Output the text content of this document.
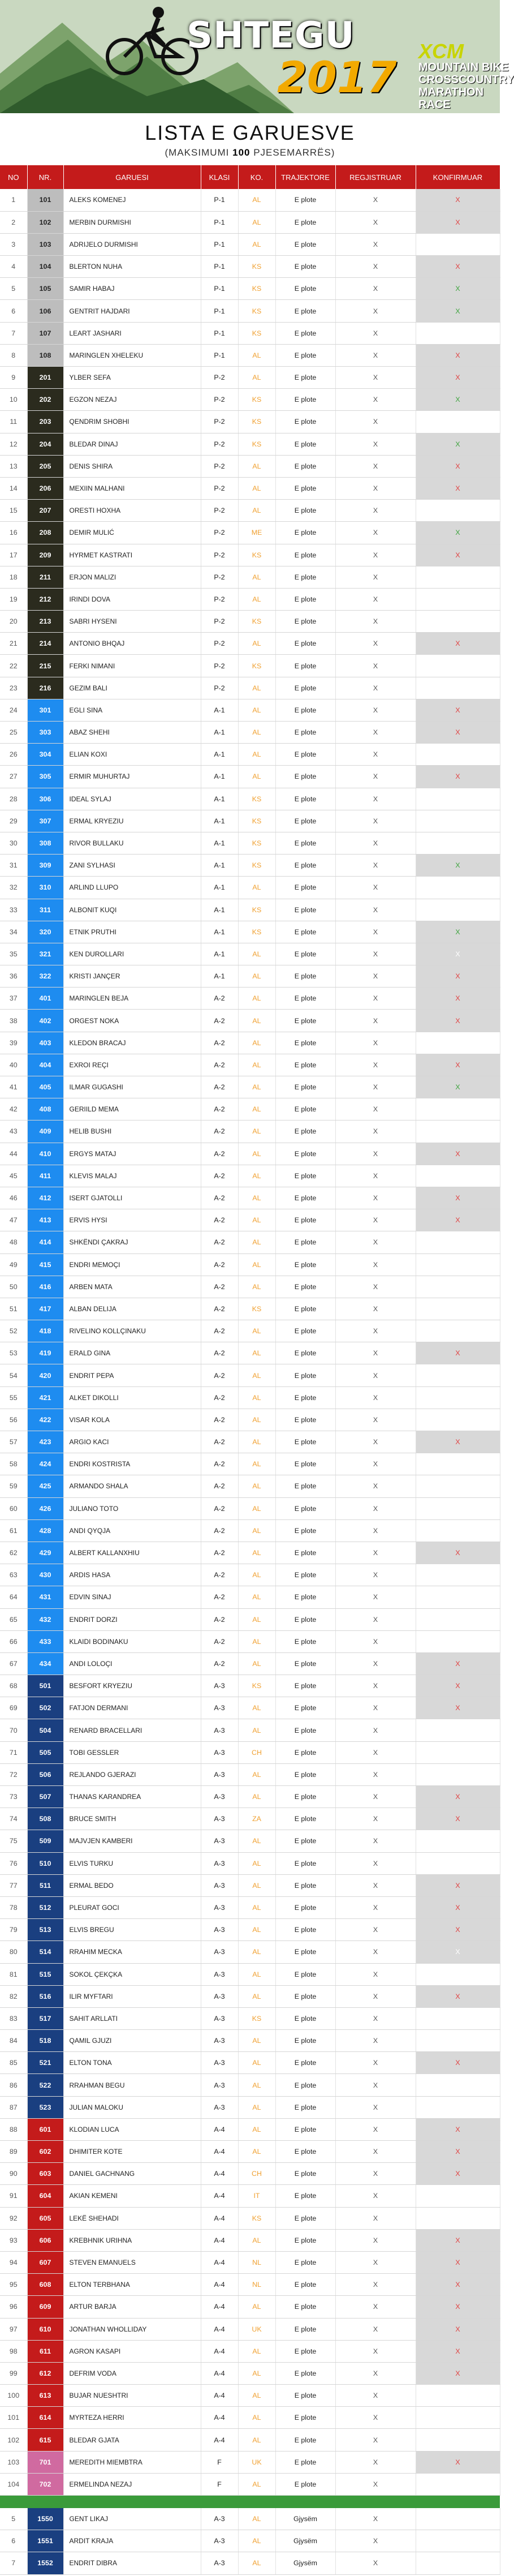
SHTEGU
2017
XCM
MOUNTAIN BIKE
CROSSCOUNTRY
MARATHON
RACE
LISTA E GARUESVE
(MAKSIMUMI 100 PJESEMARRËS)
NO	NR.	GARUESI	KLASI	KO.	TRAJEKTORE	REGJISTRUAR	KONFIRMUAR
1	101	ALEKS KOMENEJ	P-1	AL	E plote	X	X
2	102	MERBIN DURMISHI	P-1	AL	E plote	X	X
3	103	ADRIJELO DURMISHI	P-1	AL	E plote	X	
4	104	BLERTON NUHA	P-1	KS	E plote	X	X
5	105	SAMIR HABAJ	P-1	KS	E plote	X	X
6	106	GENTRIT HAJDARI	P-1	KS	E plote	X	X
7	107	LEART JASHARI	P-1	KS	E plote	X	
8	108	MARINGLEN XHELEKU	P-1	AL	E plote	X	X
9	201	YLBER SEFA	P-2	AL	E plote	X	X
10	202	EGZON NEZAJ	P-2	KS	E plote	X	X
11	203	QENDRIM SHOBHI	P-2	KS	E plote	X	
12	204	BLEDAR DINAJ	P-2	KS	E plote	X	X
13	205	DENIS SHIRA	P-2	AL	E plote	X	X
14	206	MEXIIN MALHANI	P-2	AL	E plote	X	X
15	207	ORESTI HOXHA	P-2	AL	E plote	X	
16	208	DEMIR MULIĆ	P-2	ME	E plote	X	X
17	209	HYRMET KASTRATI	P-2	KS	E plote	X	X
18	211	ERJON MALIZI	P-2	AL	E plote	X	
19	212	IRINDI DOVA	P-2	AL	E plote	X	
20	213	SABRI HYSENI	P-2	KS	E plote	X	
21	214	ANTONIO BHQAJ	P-2	AL	E plote	X	X
22	215	FERKI NIMANI	P-2	KS	E plote	X	
23	216	GEZIM BALI	P-2	AL	E plote	X	
24	301	EGLI SINA	A-1	AL	E plote	X	X
25	303	ABAZ SHEHI	A-1	AL	E plote	X	X
26	304	ELIAN KOXI	A-1	AL	E plote	X	
27	305	ERMIR MUHURTAJ	A-1	AL	E plote	X	X
28	306	IDEAL SYLAJ	A-1	KS	E plote	X	
29	307	ERMAL KRYEZIU	A-1	KS	E plote	X	
30	308	RIVOR BULLAKU	A-1	KS	E plote	X	
31	309	ZANI SYLHASI	A-1	KS	E plote	X	X
32	310	ARLIND LLUPO	A-1	AL	E plote	X	
33	311	ALBONIT KUQI	A-1	KS	E plote	X	
34	320	ETNIK PRUTHI	A-1	KS	E plote	X	X
35	321	KEN DUROLLARI	A-1	AL	E plote	X	X
36	322	KRISTI JANÇER	A-1	AL	E plote	X	X
37	401	MARINGLEN BEJA	A-2	AL	E plote	X	X
38	402	ORGEST NOKA	A-2	AL	E plote	X	X
39	403	KLEDON BRACAJ	A-2	AL	E plote	X	
40	404	EXROI REÇI	A-2	AL	E plote	X	X
41	405	ILMAR GUGASHI	A-2	AL	E plote	X	X
42	408	GERIILD MEMA	A-2	AL	E plote	X	
43	409	HELIB BUSHI	A-2	AL	E plote	X	
44	410	ERGYS MATAJ	A-2	AL	E plote	X	X
45	411	KLEVIS MALAJ	A-2	AL	E plote	X	
46	412	ISERT GJATOLLI	A-2	AL	E plote	X	X
47	413	ERVIS HYSI	A-2	AL	E plote	X	X
48	414	SHKËNDI ÇAKRAJ	A-2	AL	E plote	X	
49	415	ENDRI MEMOÇI	A-2	AL	E plote	X	
50	416	ARBEN MATA	A-2	AL	E plote	X	
51	417	ALBAN DELIJA	A-2	KS	E plote	X	
52	418	RIVELINO KOLLÇINAKU	A-2	AL	E plote	X	
53	419	ERALD GINA	A-2	AL	E plote	X	X
54	420	ENDRIT PEPA	A-2	AL	E plote	X	
55	421	ALKET DIKOLLI	A-2	AL	E plote	X	
56	422	VISAR KOLA	A-2	AL	E plote	X	
57	423	ARGIO KACI	A-2	AL	E plote	X	X
58	424	ENDRI KOSTRISTA	A-2	AL	E plote	X	
59	425	ARMANDO SHALA	A-2	AL	E plote	X	
60	426	JULIANO TOTO	A-2	AL	E plote	X	
61	428	ANDI QYQJA	A-2	AL	E plote	X	
62	429	ALBERT KALLANXHIU	A-2	AL	E plote	X	X
63	430	ARDIS HASA	A-2	AL	E plote	X	
64	431	EDVIN SINAJ	A-2	AL	E plote	X	
65	432	ENDRIT DORZI	A-2	AL	E plote	X	
66	433	KLAIDI BODINAKU	A-2	AL	E plote	X	
67	434	ANDI LOLOÇI	A-2	AL	E plote	X	X
68	501	BESFORT KRYEZIU	A-3	KS	E plote	X	X
69	502	FATJON DERMANI	A-3	AL	E plote	X	X
70	504	RENARD BRACELLARI	A-3	AL	E plote	X	
71	505	TOBI GESSLER	A-3	CH	E plote	X	
72	506	REJLANDO GJERAZI	A-3	AL	E plote	X	
73	507	THANAS KARANDREA	A-3	AL	E plote	X	X
74	508	BRUCE SMITH	A-3	ZA	E plote	X	X
75	509	MAJVJEN KAMBERI	A-3	AL	E plote	X	
76	510	ELVIS TURKU	A-3	AL	E plote	X	
77	511	ERMAL BEDO	A-3	AL	E plote	X	X
78	512	PLEURAT GOCI	A-3	AL	E plote	X	X
79	513	ELVIS BREGU	A-3	AL	E plote	X	X
80	514	RRAHIM MECKA	A-3	AL	E plote	X	X
81	515	SOKOL ÇEKÇKA	A-3	AL	E plote	X	
82	516	ILIR MYFTARI	A-3	AL	E plote	X	X
83	517	SAHIT ARLLATI	A-3	KS	E plote	X	
84	518	QAMIL GJUZI	A-3	AL	E plote	X	
85	521	ELTON TONA	A-3	AL	E plote	X	X
86	522	RRAHMAN BEGU	A-3	AL	E plote	X	
87	523	JULIAN MALOKU	A-3	AL	E plote	X	
88	601	KLODIAN LUCA	A-4	AL	E plote	X	X
89	602	DHIMITER KOTE	A-4	AL	E plote	X	X
90	603	DANIEL GACHNANG	A-4	CH	E plote	X	X
91	604	AKIAN KEMENI	A-4	IT	E plote	X	
92	605	LEKË SHEHADI	A-4	KS	E plote	X	
93	606	KREBHNIK URIHNA	A-4	AL	E plote	X	X
94	607	STEVEN EMANUELS	A-4	NL	E plote	X	X
95	608	ELTON TERBHANA	A-4	NL	E plote	X	X
96	609	ARTUR BARJA	A-4	AL	E plote	X	X
97	610	JONATHAN WHOLLIDAY	A-4	UK	E plote	X	X
98	611	AGRON KASAPI	A-4	AL	E plote	X	X
99	612	DEFRIM VODA	A-4	AL	E plote	X	X
100	613	BUJAR NUESHTRI	A-4	AL	E plote	X	
101	614	MYRTEZA HERRI	A-4	AL	E plote	X	
102	615	BLEDAR GJATA	A-4	AL	E plote	X	
103	701	MEREDITH MIEMBTRA	F	UK	E plote	X	X
104	702	ERMELINDA NEZAJ	F	AL	E plote	X	

5	1550	GENT LIKAJ	A-3	AL	Gjysëm	X	
6	1551	ARDIT KRAJA	A-3	AL	Gjysëm	X	
7	1552	ENDRIT DIBRA	A-3	AL	Gjysëm	X	
